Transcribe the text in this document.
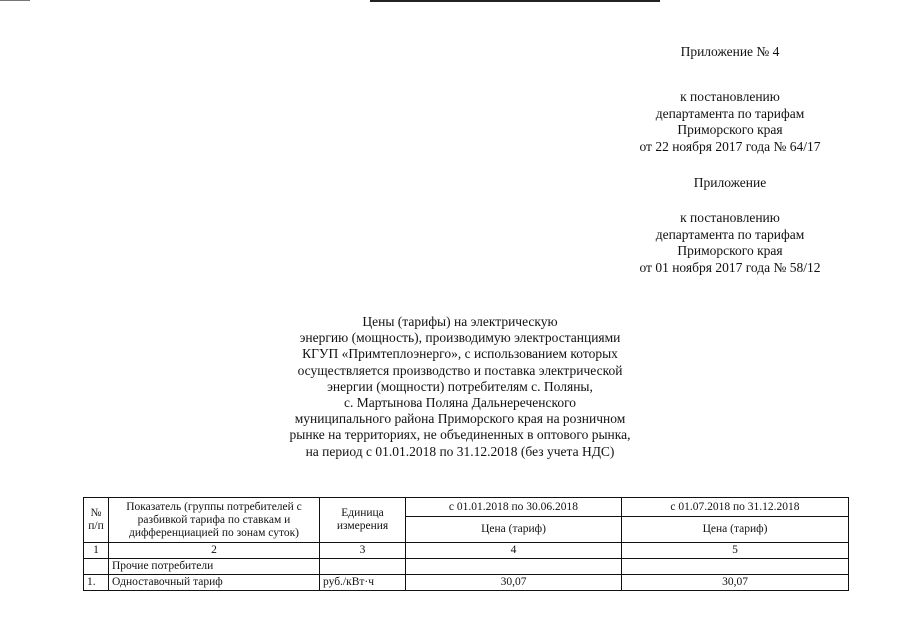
Приложение № 4
к постановлению
департамента по тарифам
Приморского края
от 22 ноября 2017 года № 64/17
Приложение
к постановлению
департамента по тарифам
Приморского края
от 01 ноября 2017 года № 58/12
Цены (тарифы) на электрическую
энергию (мощность), производимую электростанциями
КГУП «Примтеплоэнерго», с использованием которых
осуществляется производство и поставка электрической
энергии (мощности) потребителям с. Поляны,
с. Мартынова Поляна Дальнереченского
муниципального района Приморского края на розничном
рынке на территориях, не объединенных в оптового рынка,
на период с 01.01.2018 по 31.12.2018 (без учета НДС)
№ п/п	Показатель (группы потребителей с разбивкой тарифа по ставкам и дифференциацией по зонам суток)	Единица измерения	с 01.01.2018 по 30.06.2018	с 01.07.2018 по 31.12.2018
			Цена (тариф)	Цена (тариф)
1	2	3	4	5
	Прочие потребители			
1.	Одноставочный тариф	руб./кВт·ч	30,07	30,07
